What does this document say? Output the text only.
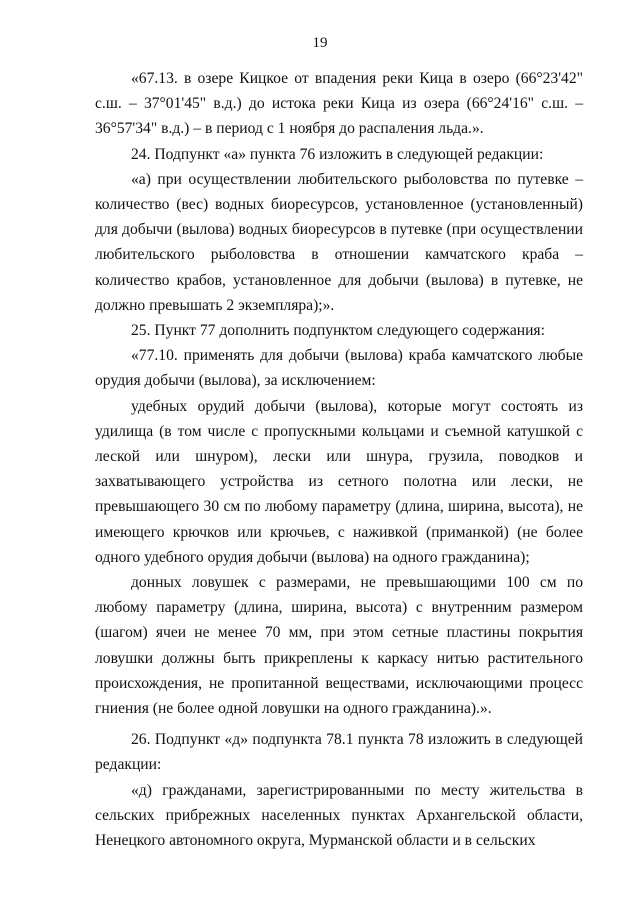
19

«67.13. в озере Кицкое от впадения реки Кица в озеро (66°23'42" с.ш. – 37°01'45" в.д.) до истока реки Кица из озера (66°24'16" с.ш. – 36°57'34" в.д.) – в период с 1 ноября до распаления льда.».

24. Подпункт «а» пункта 76 изложить в следующей редакции:

«а) при осуществлении любительского рыболовства по путевке – количество (вес) водных биоресурсов, установленное (установленный) для добычи (вылова) водных биоресурсов в путевке (при осуществлении любительского рыболовства в отношении камчатского краба – количество крабов, установленное для добычи (вылова) в путевке, не должно превышать 2 экземпляра);».

25. Пункт 77 дополнить подпунктом следующего содержания:

«77.10. применять для добычи (вылова) краба камчатского любые орудия добычи (вылова), за исключением:

удебных орудий добычи (вылова), которые могут состоять из удилища (в том числе с пропускными кольцами и съемной катушкой с леской или шнуром), лески или шнура, грузила, поводков и захватывающего устройства из сетного полотна или лески, не превышающего 30 см по любому параметру (длина, ширина, высота), не имеющего крючков или крючьев, с наживкой (приманкой) (не более одного удебного орудия добычи (вылова) на одного гражданина);

донных ловушек с размерами, не превышающими 100 см по любому параметру (длина, ширина, высота) с внутренним размером (шагом) ячеи не менее 70 мм, при этом сетные пластины покрытия ловушки должны быть прикреплены к каркасу нитью растительного происхождения, не пропитанной веществами, исключающими процесс гниения (не более одной ловушки на одного гражданина).».

26. Подпункт «д» подпункта 78.1 пункта 78 изложить в следующей редакции:

«д) гражданами, зарегистрированными по месту жительства в сельских прибрежных населенных пунктах Архангельской области, Ненецкого автономного округа, Мурманской области и в сельских
